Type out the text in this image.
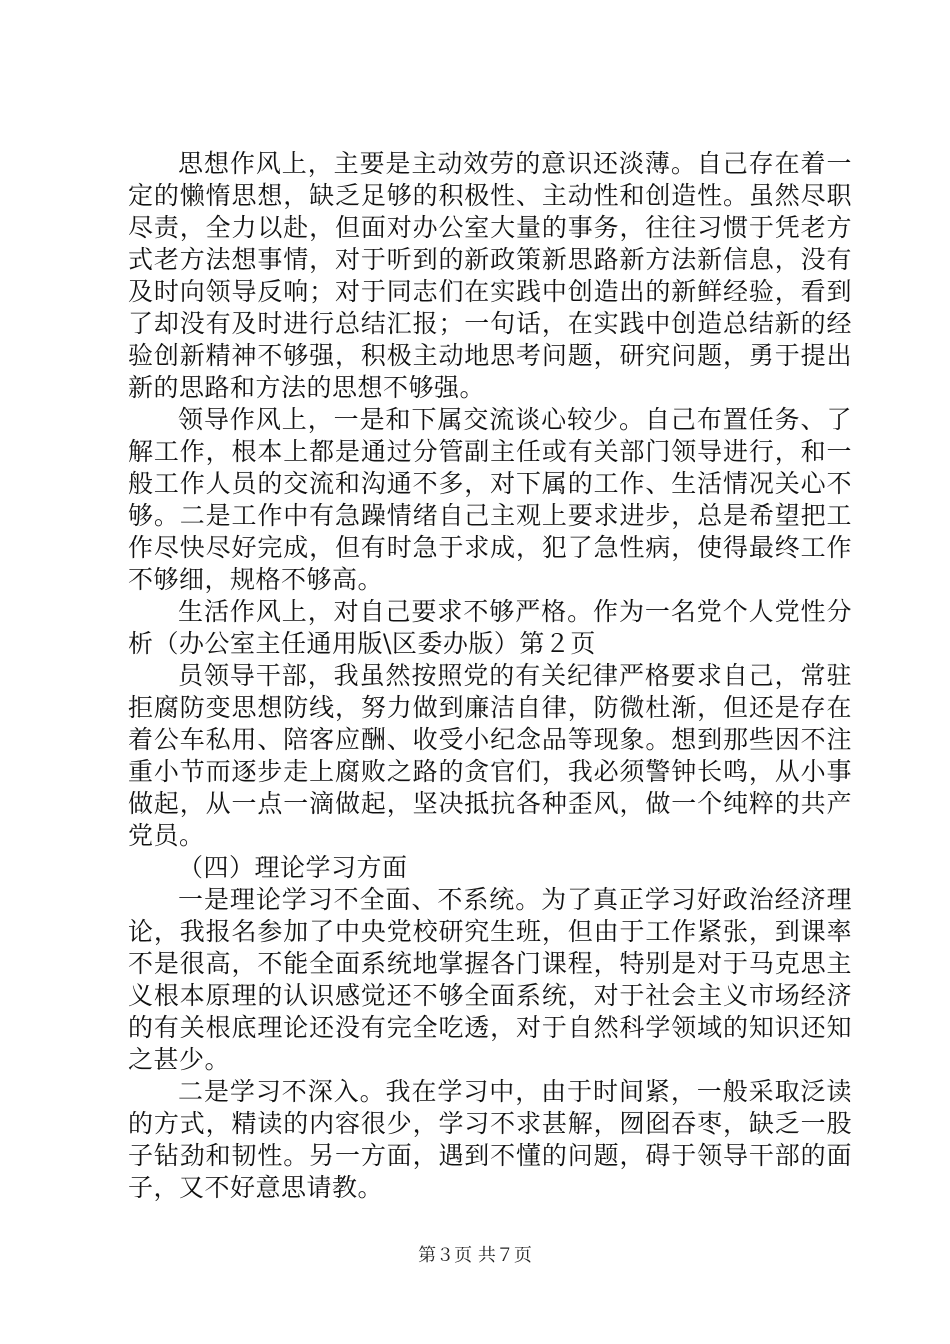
思想作风上，主要是主动效劳的意识还淡薄。自己存在着一定的懒惰思想，缺乏足够的积极性、主动性和创造性。虽然尽职尽责，全力以赴，但面对办公室大量的事务，往往习惯于凭老方式老方法想事情，对于听到的新政策新思路新方法新信息，没有及时向领导反响；对于同志们在实践中创造出的新鲜经验，看到了却没有及时进行总结汇报；一句话，在实践中创造总结新的经验创新精神不够强，积极主动地思考问题，研究问题，勇于提出新的思路和方法的思想不够强。

领导作风上，一是和下属交流谈心较少。自己布置任务、了解工作，根本上都是通过分管副主任或有关部门领导进行，和一般工作人员的交流和沟通不多，对下属的工作、生活情况关心不够。二是工作中有急躁情绪自己主观上要求进步，总是希望把工作尽快尽好完成，但有时急于求成，犯了急性病，使得最终工作不够细，规格不够高。

生活作风上，对自己要求不够严格。作为一名党个人党性分析（办公室主任通用版\区委办版）第２页

员领导干部，我虽然按照党的有关纪律严格要求自己，常驻拒腐防变思想防线，努力做到廉洁自律，防微杜渐，但还是存在着公车私用、陪客应酬、收受小纪念品等现象。想到那些因不注重小节而逐步走上腐败之路的贪官们，我必须警钟长鸣，从小事做起，从一点一滴做起，坚决抵抗各种歪风，做一个纯粹的共产党员。

（四）理论学习方面

一是理论学习不全面、不系统。为了真正学习好政治经济理论，我报名参加了中央党校研究生班，但由于工作紧张，到课率不是很高，不能全面系统地掌握各门课程，特别是对于马克思主义根本原理的认识感觉还不够全面系统，对于社会主义市场经济的有关根底理论还没有完全吃透，对于自然科学领域的知识还知之甚少。

二是学习不深入。我在学习中，由于时间紧，一般采取泛读的方式，精读的内容很少，学习不求甚解，囫囵吞枣，缺乏一股子钻劲和韧性。另一方面，遇到不懂的问题，碍于领导干部的面子，又不好意思请教。

第３页 共７页
